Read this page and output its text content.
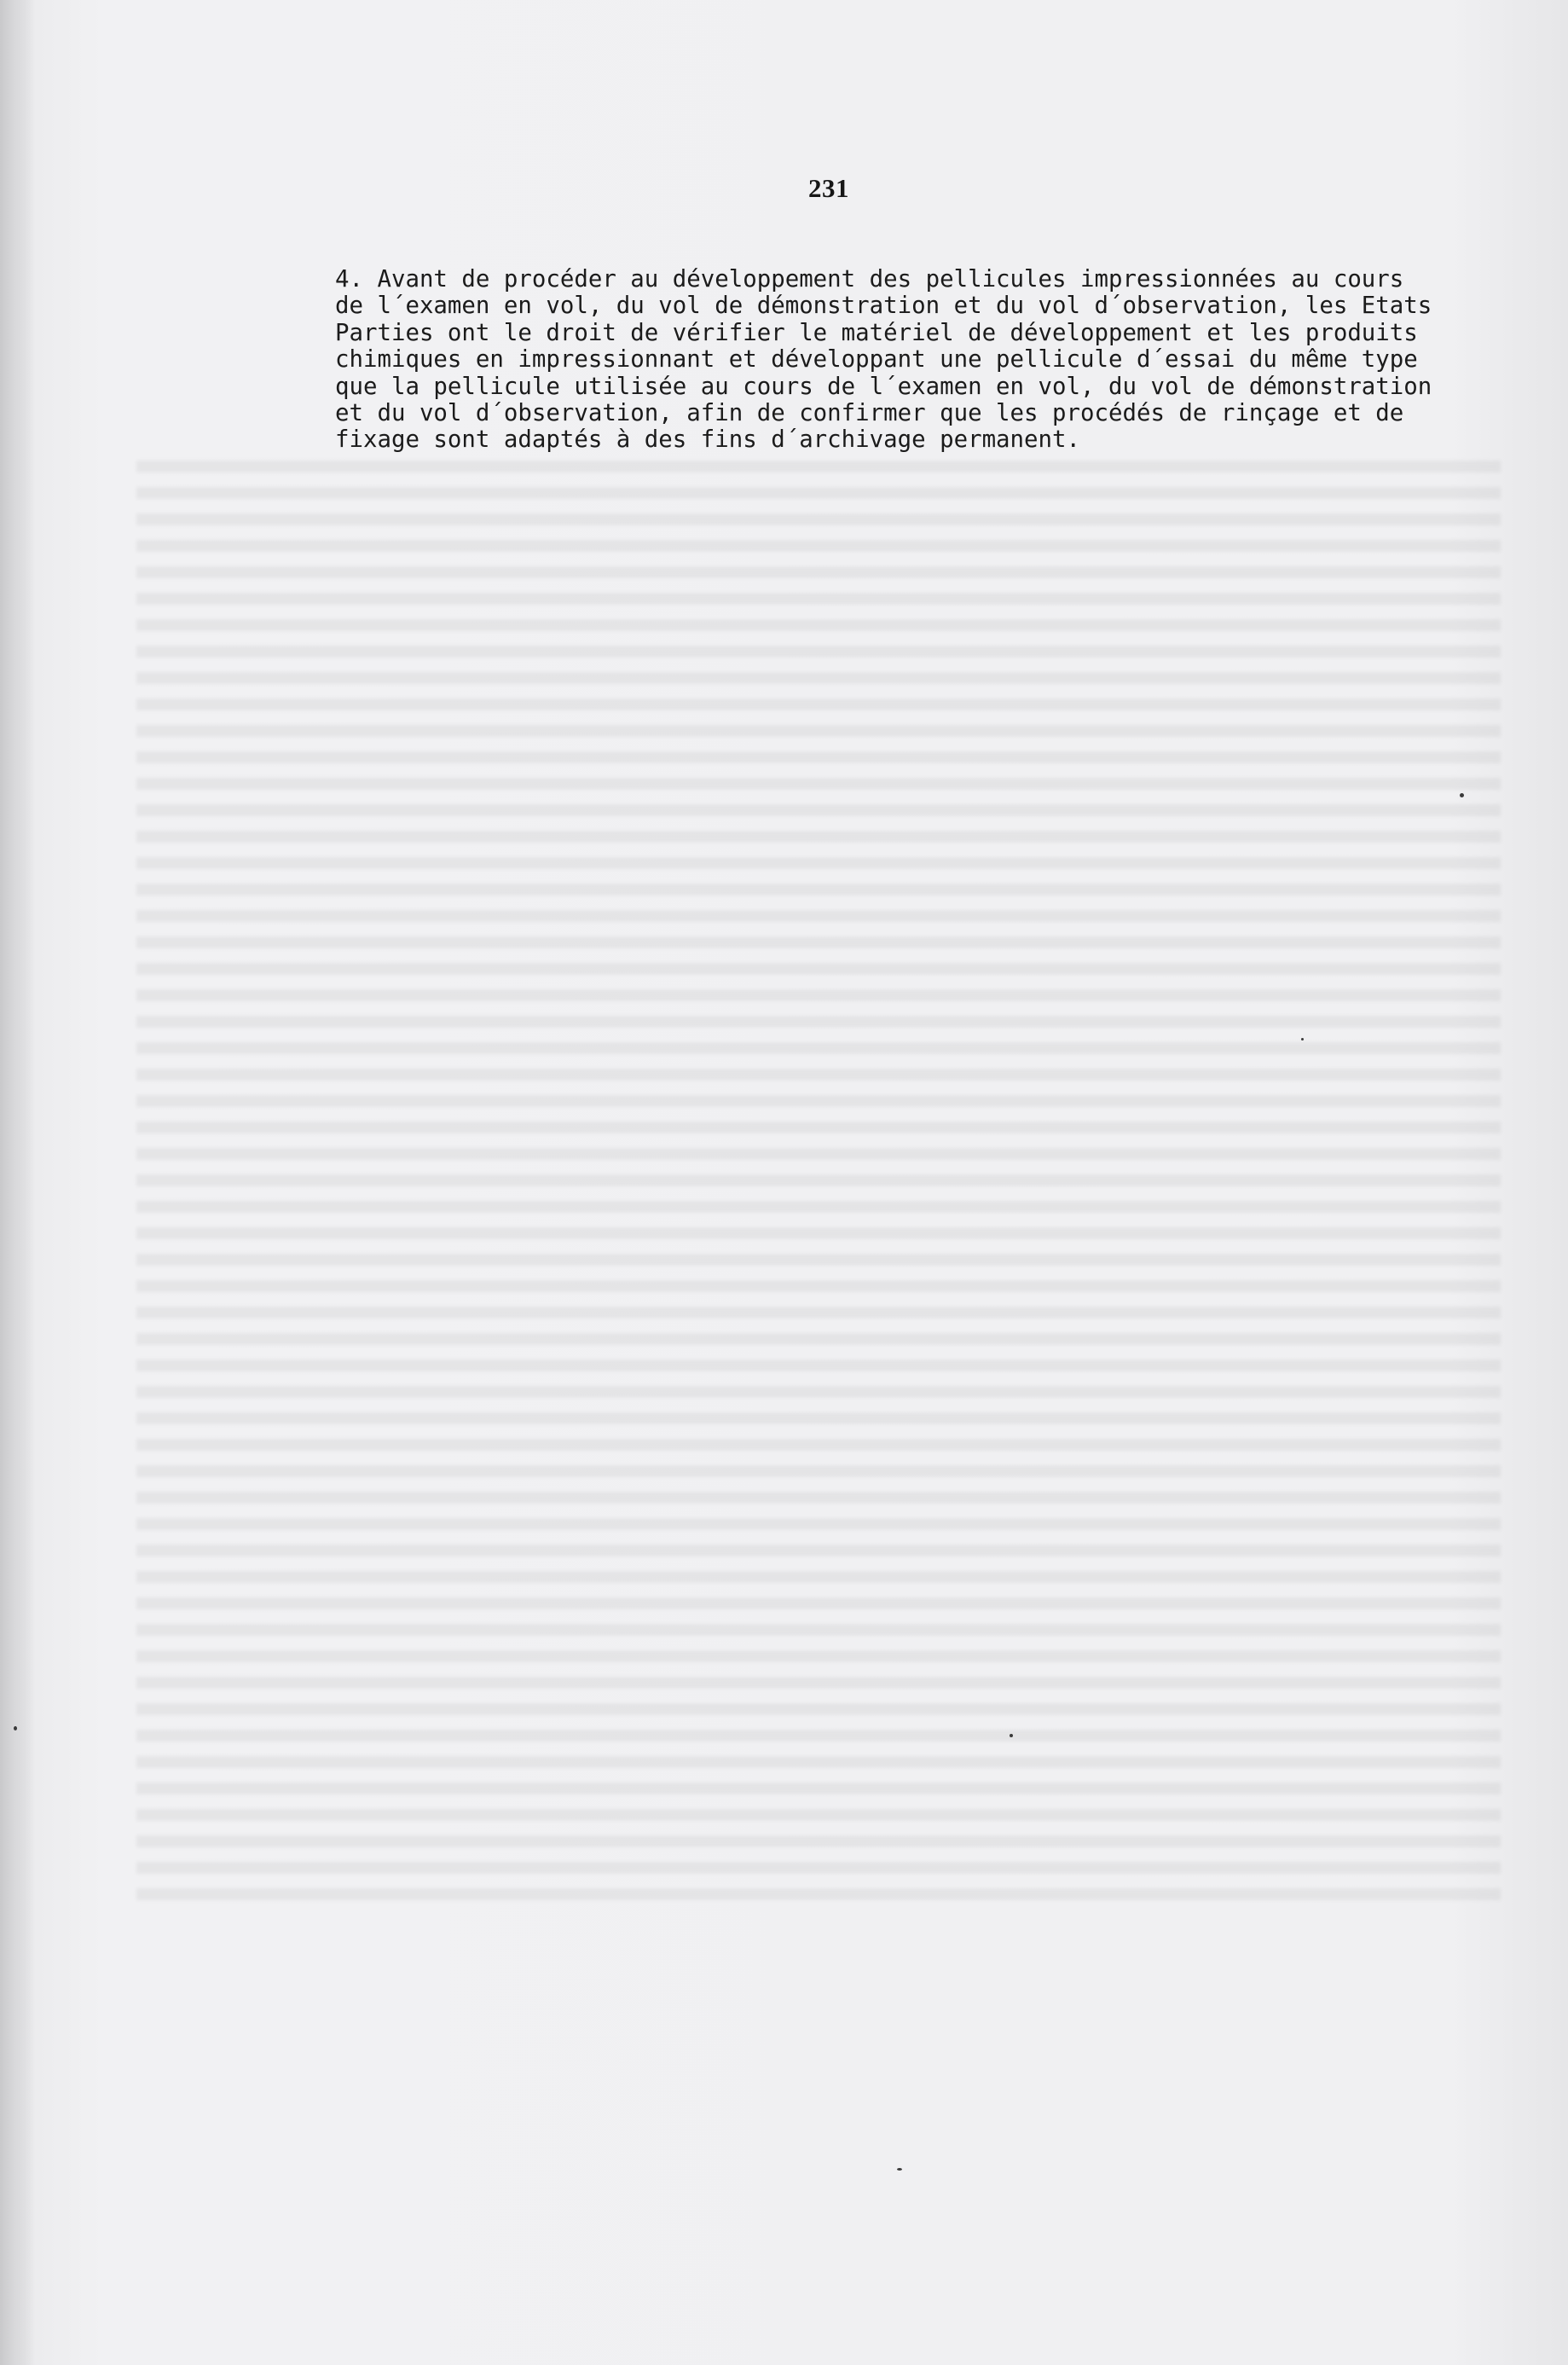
231

4. Avant de procéder au développement des pellicules impressionnées au cours
de l´examen en vol, du vol de démonstration et du vol d´observation, les Etats
Parties ont le droit de vérifier le matériel de développement et les produits
chimiques en impressionnant et développant une pellicule d´essai du même type
que la pellicule utilisée au cours de l´examen en vol, du vol de démonstration
et du vol d´observation, afin de confirmer que les procédés de rinçage et de
fixage sont adaptés à des fins d´archivage permanent.
